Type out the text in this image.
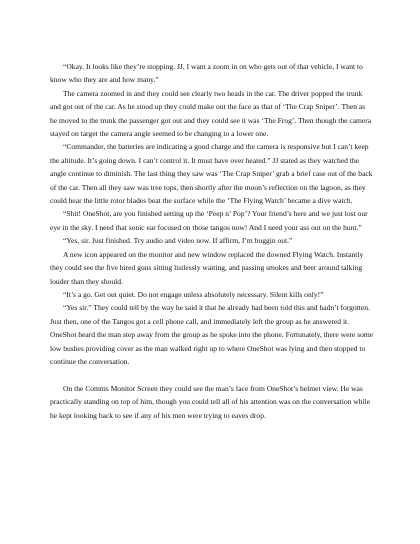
“Okay. It looks like they’re stopping. JJ, I want a zoom in on who gets out of that vehicle, I want to know who they are and how many.”

The camera zoomed in and they could see clearly two heads in the car. The driver popped the trunk and got out of the car. As he stood up they could make out the face as that of ‘The Crap Sniper’. Then as he moved to the trunk the passenger got out and they could see it was ‘The Frog’. Then though the camera stayed on target the camera angle seemed to be changing to a lower one.

“Commander, the batteries are indicating a good charge and the camera is responsive but I can’t keep the altitude. It’s going down. I can’t control it. It must have over heated.” JJ stated as they watched the angle continue to diminish. The last thing they saw was ‘The Crap Sniper’ grab a brief case out of the back of the car. Then all they saw was tree tops, then shortly after the moon’s reflection on the lagoon, as they could hear the little rotor blades beat the surface while the ‘The Flying Watch’ became a dive watch.

“Shit! OneShot, are you finished setting up the ‘Peep n’ Pop’? Your friend’s here and we just lost our eye in the sky. I need that sonic ear focused on those tangos now! And I need your ass out on the hunt.”

“Yes, sir. Just finished. Try audio and video now. If affirm, I’m buggin out.”

A new icon appeared on the monitor and new window replaced the downed Flying Watch. Instantly they could see the five hired guns sitting listlessly waiting, and passing smokes and beer around talking louder than they should.

“It’s a go. Get out quiet. Do not engage unless absolutely necessary. Silent kills only!”

“Yes sir.” They could tell by the way he said it that he already had been told this and hadn’t forgotten. Just then, one of the Tangos got a cell phone call, and immediately left the group as he answered it. OneShot heard the man step away from the group as he spoke into the phone. Fortunately, there were some low bushes providing cover as the man walked right up to where OneShot was lying and then stopped to continue the conversation.

On the Comms Monitor Screen they could see the man’s face from OneShot’s helmet view. He was practically standing on top of him, though you could tell all of his attention was on the conversation while he kept looking back to see if any of his men were trying to eaves drop.
